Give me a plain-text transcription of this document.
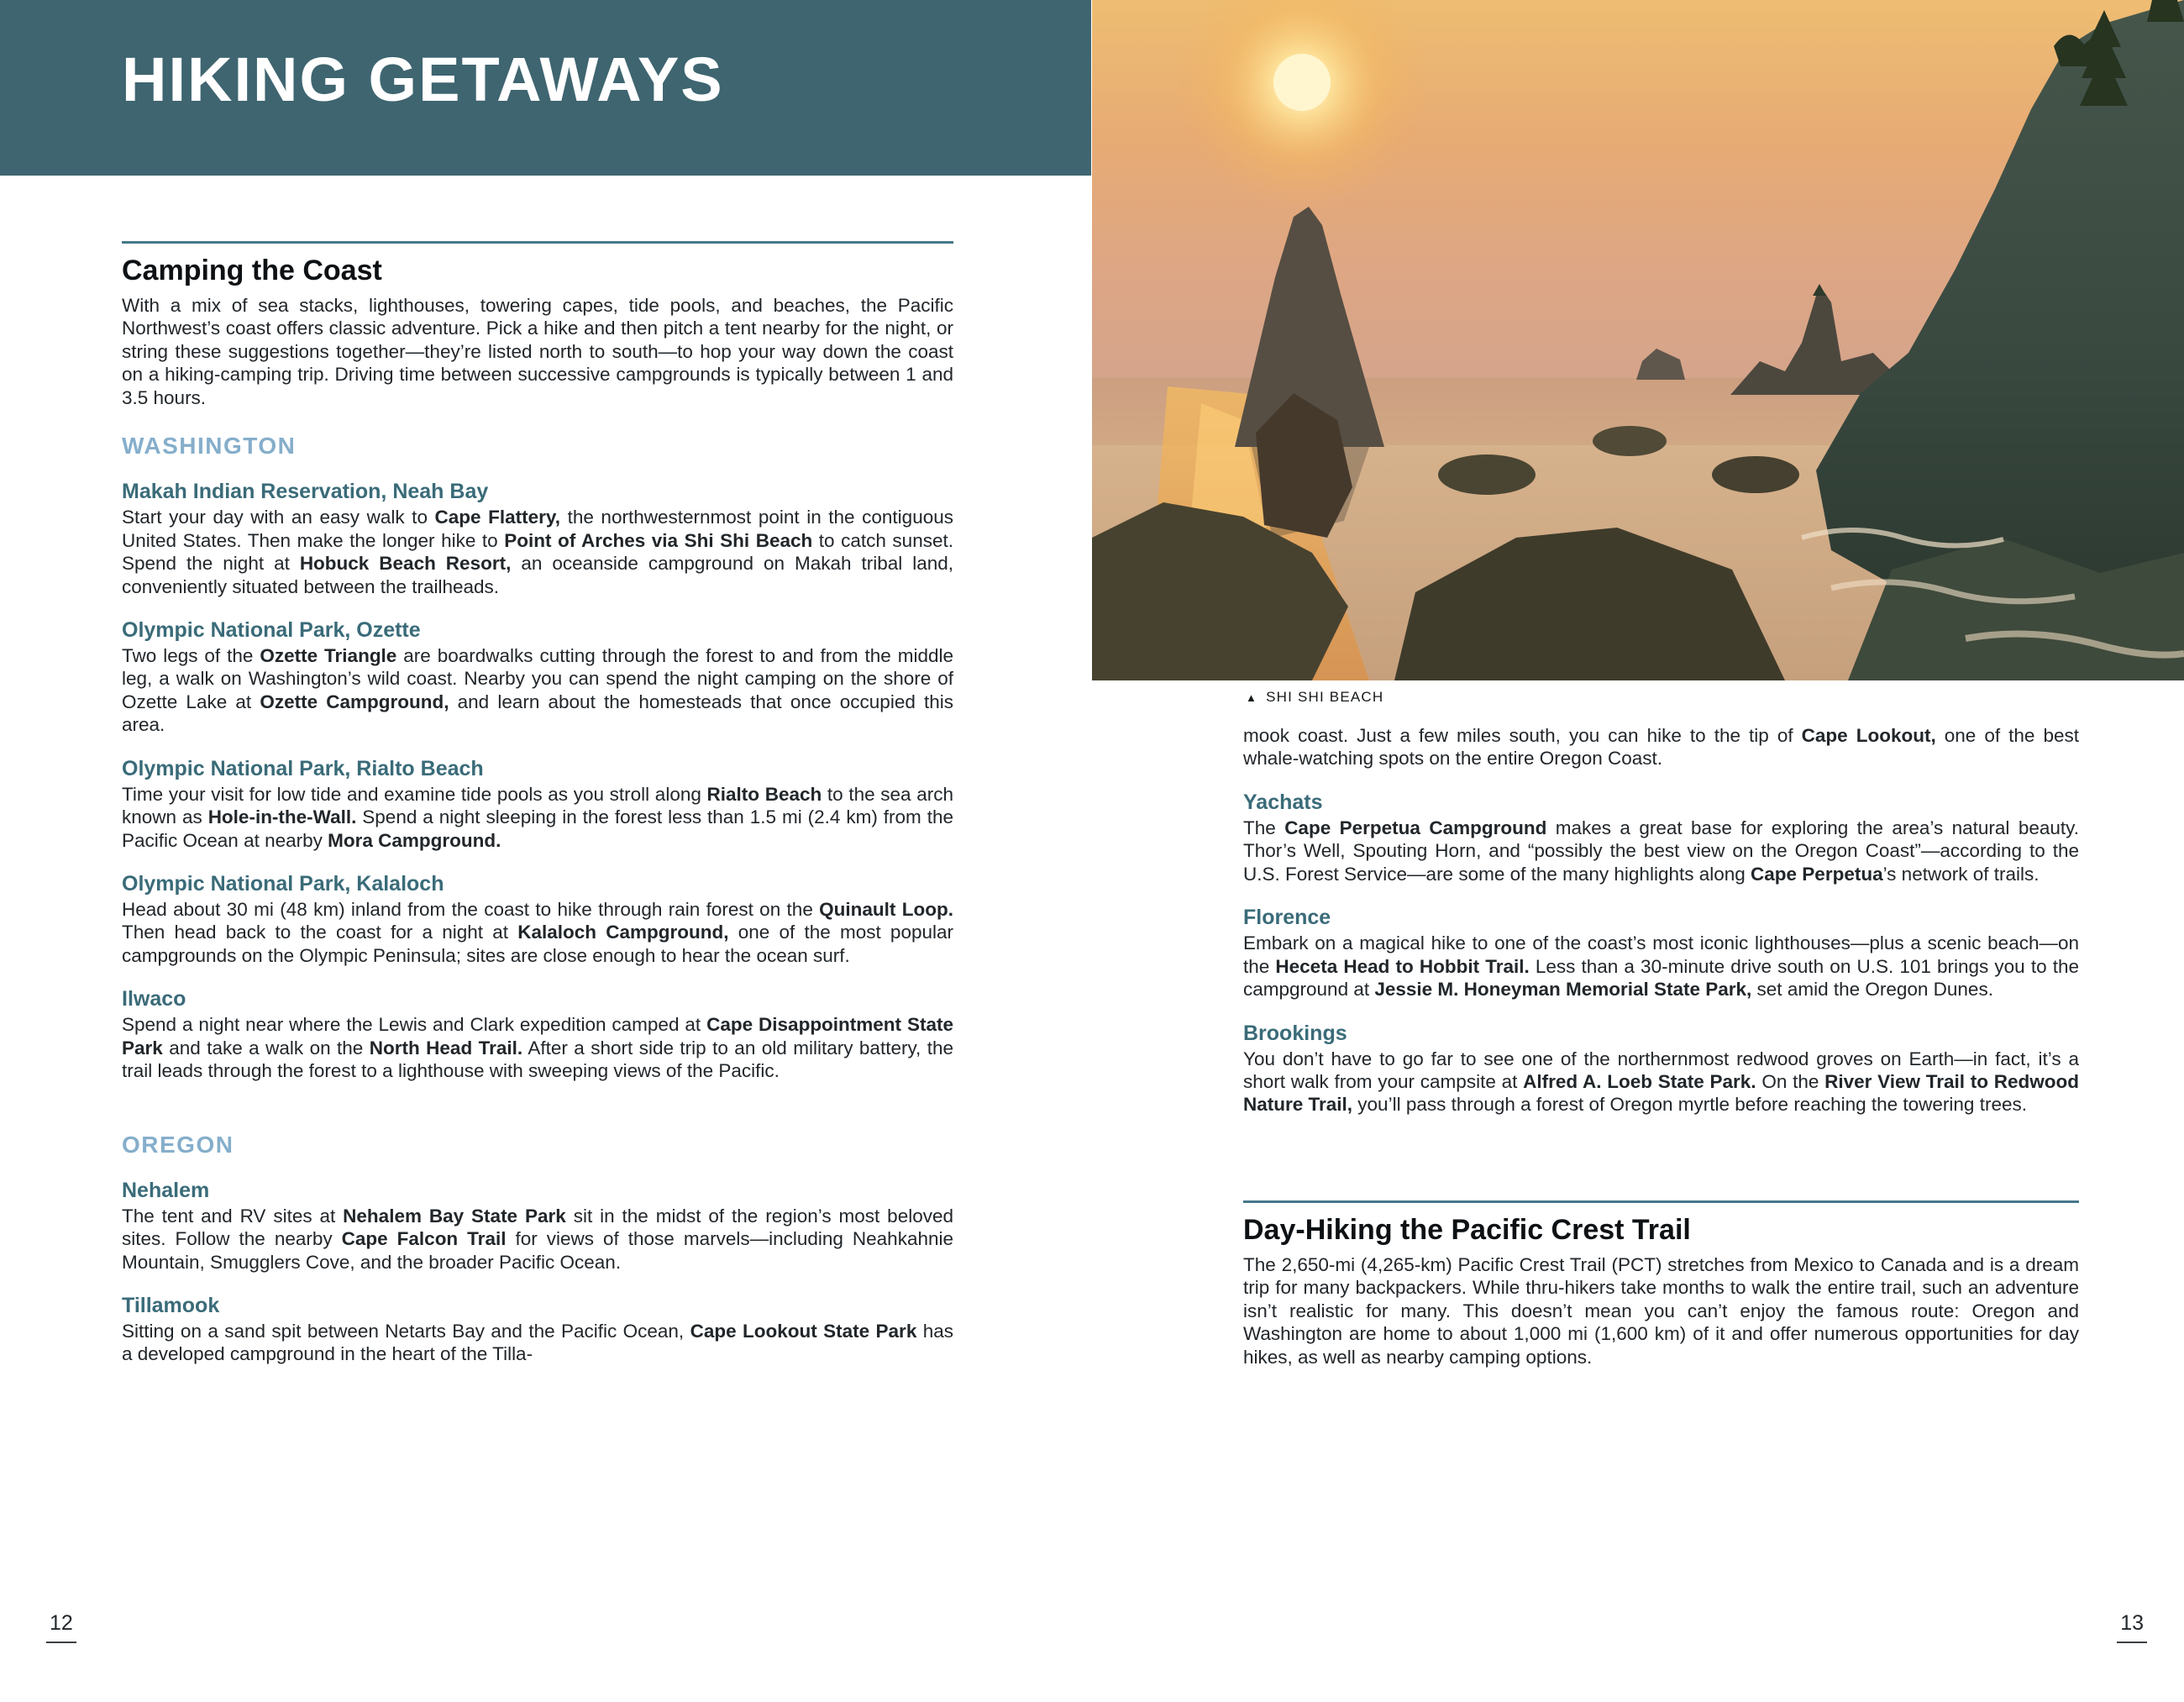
HIKING GETAWAYS
Camping the Coast

With a mix of sea stacks, lighthouses, towering capes, tide pools, and beaches, the Pacific Northwest’s coast offers classic adventure. Pick a hike and then pitch a tent nearby for the night, or string these suggestions together—they’re listed north to south—to hop your way down the coast on a hiking-camping trip. Driving time between successive campgrounds is typically between 1 and 3.5 hours.

WASHINGTON
Makah Indian Reservation, Neah Bay

Start your day with an easy walk to Cape Flattery, the northwesternmost point in the contiguous United States. Then make the longer hike to Point of Arches via Shi Shi Beach to catch sunset. Spend the night at Hobuck Beach Resort, an oceanside campground on Makah tribal land, conveniently situated between the trailheads.

Olympic National Park, Ozette

Two legs of the Ozette Triangle are boardwalks cutting through the forest to and from the middle leg, a walk on Washington’s wild coast. Nearby you can spend the night camping on the shore of Ozette Lake at Ozette Campground, and learn about the homesteads that once occupied this area.

Olympic National Park, Rialto Beach

Time your visit for low tide and examine tide pools as you stroll along Rialto Beach to the sea arch known as Hole-in-the-Wall. Spend a night sleeping in the forest less than 1.5 mi (2.4 km) from the Pacific Ocean at nearby Mora Campground.

Olympic National Park, Kalaloch

Head about 30 mi (48 km) inland from the coast to hike through rain forest on the Quinault Loop. Then head back to the coast for a night at Kalaloch Campground, one of the most popular campgrounds on the Olympic Peninsula; sites are close enough to hear the ocean surf.

Ilwaco

Spend a night near where the Lewis and Clark expedition camped at Cape Disappointment State Park and take a walk on the North Head Trail. After a short side trip to an old military battery, the trail leads through the forest to a lighthouse with sweeping views of the Pacific.

OREGON
Nehalem

The tent and RV sites at Nehalem Bay State Park sit in the midst of the region’s most beloved sites. Follow the nearby Cape Falcon Trail for views of those marvels—including Neahkahnie Mountain, Smugglers Cove, and the broader Pacific Ocean.

Tillamook

Sitting on a sand spit between Netarts Bay and the Pacific Ocean, Cape Lookout State Park has a developed campground in the heart of the Tilla-

▲ SHI SHI BEACH

mook coast. Just a few miles south, you can hike to the tip of Cape Lookout, one of the best whale-watching spots on the entire Oregon Coast.

Yachats

The Cape Perpetua Campground makes a great base for exploring the area’s natural beauty. Thor’s Well, Spouting Horn, and “possibly the best view on the Oregon Coast”—according to the U.S. Forest Service—are some of the many highlights along Cape Perpetua’s network of trails.

Florence

Embark on a magical hike to one of the coast’s most iconic lighthouses—plus a scenic beach—on the Heceta Head to Hobbit Trail. Less than a 30-minute drive south on U.S. 101 brings you to the campground at Jessie M. Honeyman Memorial State Park, set amid the Oregon Dunes.

Brookings

You don’t have to go far to see one of the northernmost redwood groves on Earth—in fact, it’s a short walk from your campsite at Alfred A. Loeb State Park. On the River View Trail to Redwood Nature Trail, you’ll pass through a forest of Oregon myrtle before reaching the towering trees.

Day-Hiking the Pacific Crest Trail

The 2,650-mi (4,265-km) Pacific Crest Trail (PCT) stretches from Mexico to Canada and is a dream trip for many backpackers. While thru-hikers take months to walk the entire trail, such an adventure isn’t realistic for many. This doesn’t mean you can’t enjoy the famous route: Oregon and Washington are home to about 1,000 mi (1,600 km) of it and offer numerous opportunities for day hikes, as well as nearby camping options.

12	13
